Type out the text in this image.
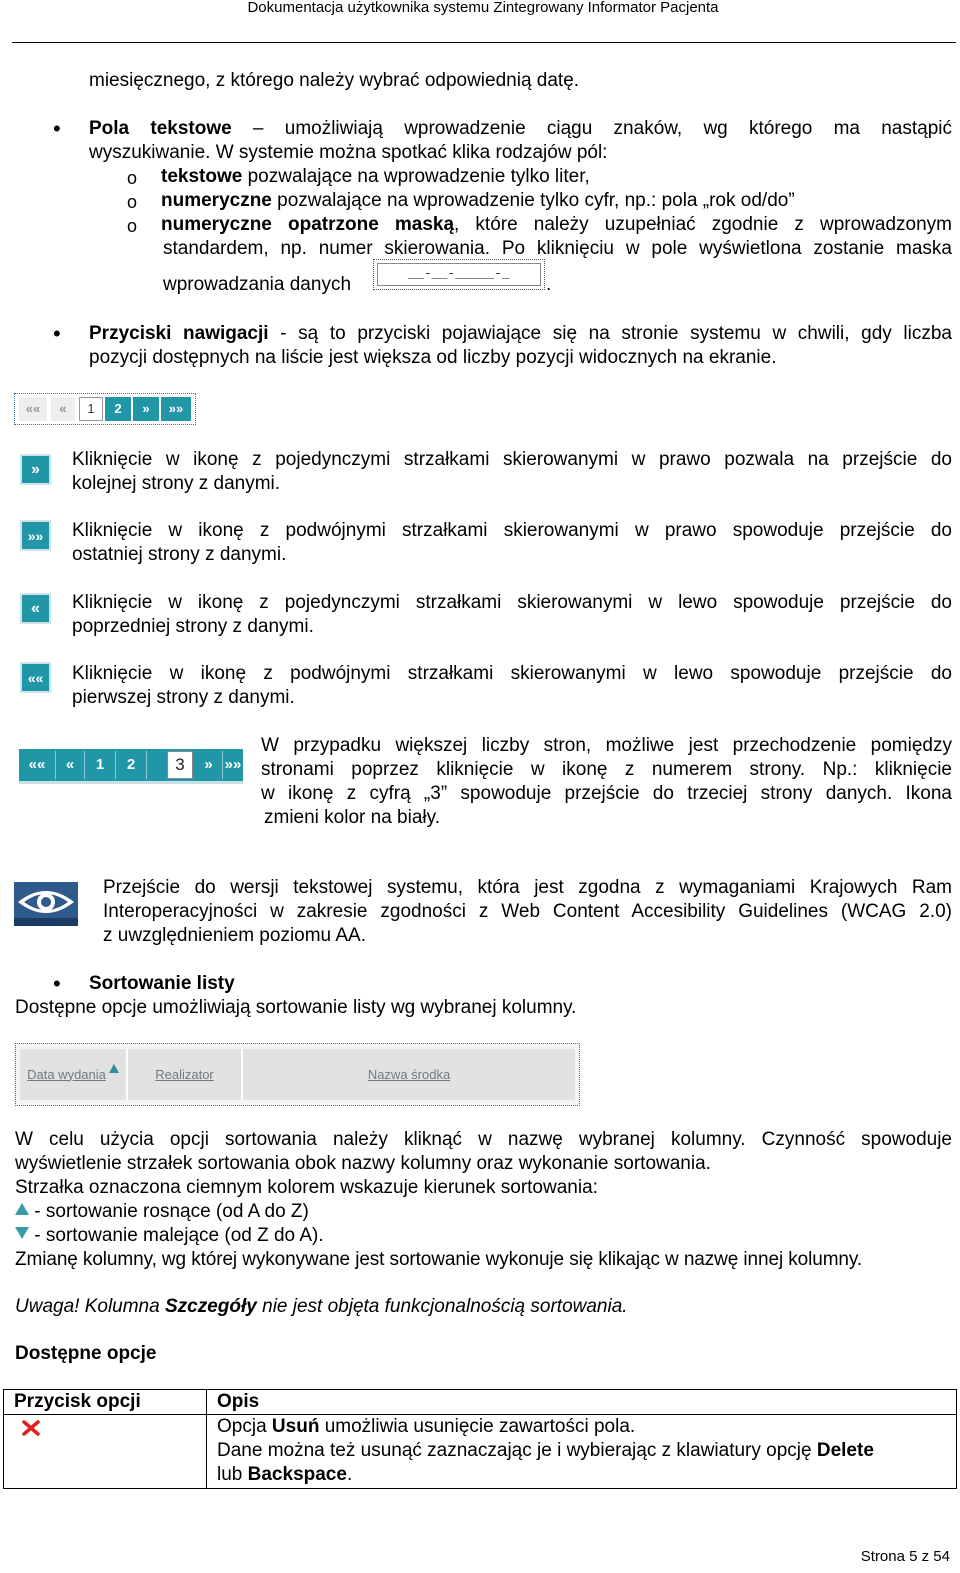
Dokumentacja użytkownika systemu Zintegrowany Informator Pacjenta
miesięcznego, z którego należy wybrać odpowiednią datę.
• Pola tekstowe – umożliwiają wprowadzenie ciągu znaków, wg którego ma nastąpić
wyszukiwanie. W systemie można spotkać klika rodzajów pól:
o tekstowe pozwalające na wprowadzenie tylko liter,
o numeryczne pozwalające na wprowadzenie tylko cyfr, np.: pola „rok od/do”
o numeryczne opatrzone maską, które należy uzupełniać zgodnie z wprowadzonym
standardem, np. numer skierowania. Po kliknięciu w pole wyświetlona zostanie maska
wprowadzania danych
__-__-_____-_
.
• Przyciski nawigacji - są to przyciski pojawiające się na stronie systemu w chwili, gdy liczba
pozycji dostępnych na liście jest większa od liczby pozycji widocznych na ekranie.
««	«	1	2	»	»»
»	Kliknięcie w ikonę z pojedynczymi strzałkami skierowanymi w prawo pozwala na przejście do
kolejnej strony z danymi.
»»	Kliknięcie w ikonę z podwójnymi strzałkami skierowanymi w prawo spowoduje przejście do
ostatniej strony z danymi.
«	Kliknięcie w ikonę z pojedynczymi strzałkami skierowanymi w lewo spowoduje przejście do
poprzedniej strony z danymi.
««	Kliknięcie w ikonę z podwójnymi strzałkami skierowanymi w lewo spowoduje przejście do
pierwszej strony z danymi.
««	«	1	2	3	» »»
W przypadku większej liczby stron, możliwe jest przechodzenie pomiędzy
stronami poprzez kliknięcie w ikonę z numerem strony. Np.: kliknięcie
w ikonę z cyfrą „3” spowoduje przejście do trzeciej strony danych. Ikona
zmieni kolor na biały.
Przejście do wersji tekstowej systemu, która jest zgodna z wymaganiami Krajowych Ram
Interoperacyjności w zakresie zgodności z Web Content Accesibility Guidelines (WCAG 2.0)
z uwzględnieniem poziomu AA.
• Sortowanie listy
Dostępne opcje umożliwiają sortowanie listy wg wybranej kolumny.
Data wydania	Realizator	Nazwa środka
W celu użycia opcji sortowania należy kliknąć w nazwę wybranej kolumny. Czynność spowoduje
wyświetlenie strzałek sortowania obok nazwy kolumny oraz wykonanie sortowania.
Strzałka oznaczona ciemnym kolorem wskazuje kierunek sortowania:
- sortowanie rosnące (od A do Z)
- sortowanie malejące (od Z do A).
Zmianę kolumny, wg której wykonywane jest sortowanie wykonuje się klikając w nazwę innej kolumny.
Uwaga! Kolumna Szczegóły nie jest objęta funkcjonalnością sortowania.
Dostępne opcje
Przycisk opcji	Opis

Opcja Usuń umożliwia usunięcie zawartości pola.
Dane można też usunąć zaznaczając je i wybierając z klawiatury opcję Delete
lub Backspace.
Strona 5 z 54
